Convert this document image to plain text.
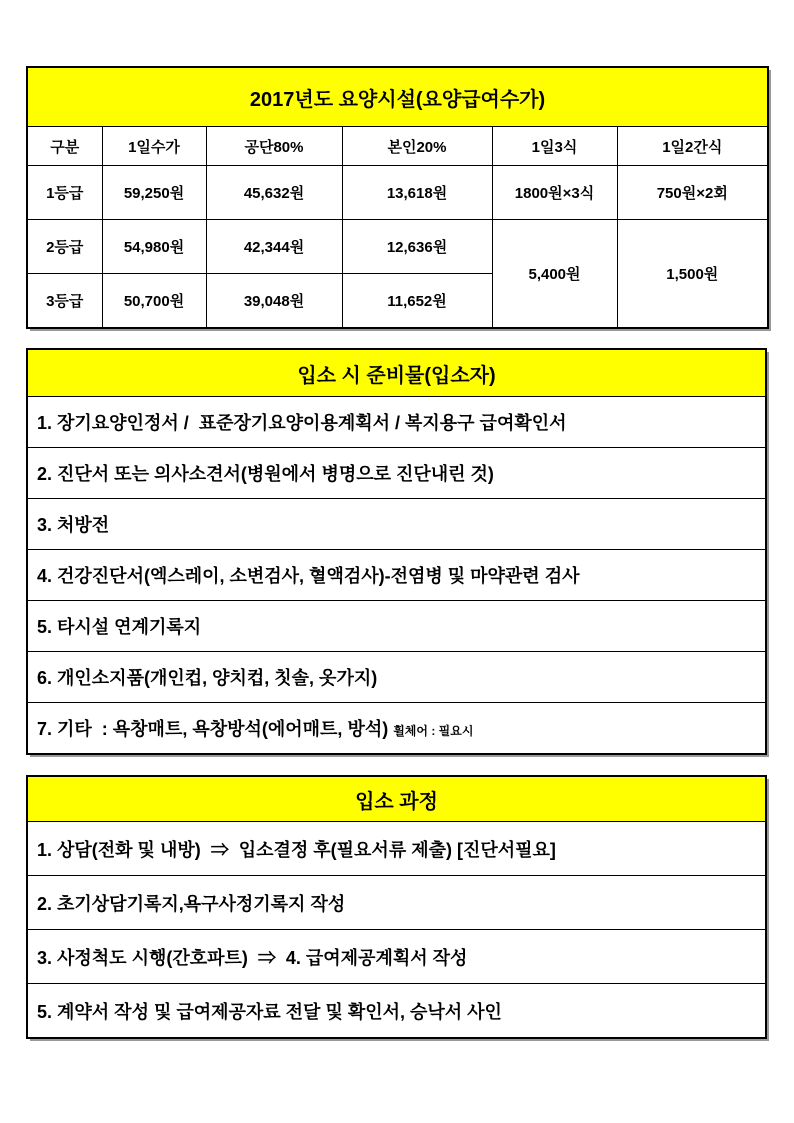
2017년도 요양시설(요양급여수가)					
구분	1일수가	공단80%	본인20%	1일3식	1일2간식
1등급	59,250원	45,632원	13,618원	1800원×3식	750원×2회
2등급	54,980원	42,344원	12,636원	5,400원	1,500원
3등급	50,700원	39,048원	11,652원		
입소 시 준비물(입소자)
1. 장기요양인정서 /  표준장기요양이용계획서 / 복지용구 급여확인서
2. 진단서 또는 의사소견서(병원에서 병명으로 진단내린 것)
3. 처방전
4. 건강진단서(엑스레이, 소변검사, 혈액검사)-전염병 및 마약관련 검사
5. 타시설 연계기록지
6. 개인소지품(개인컵, 양치컵, 칫솔, 옷가지)
7. 기타  : 욕창매트, 욕창방석(에어매트, 방석) 휠체어 : 필요시
입소 과정
1. 상담(전화 및 내방)  ⇒  입소결정 후(필요서류 제출) [진단서필요]
2. 초기상담기록지,욕구사정기록지 작성
3. 사정척도 시행(간호파트)  ⇒  4. 급여제공계획서 작성
5. 계약서 작성 및 급여제공자료 전달 및 확인서, 승낙서 사인
